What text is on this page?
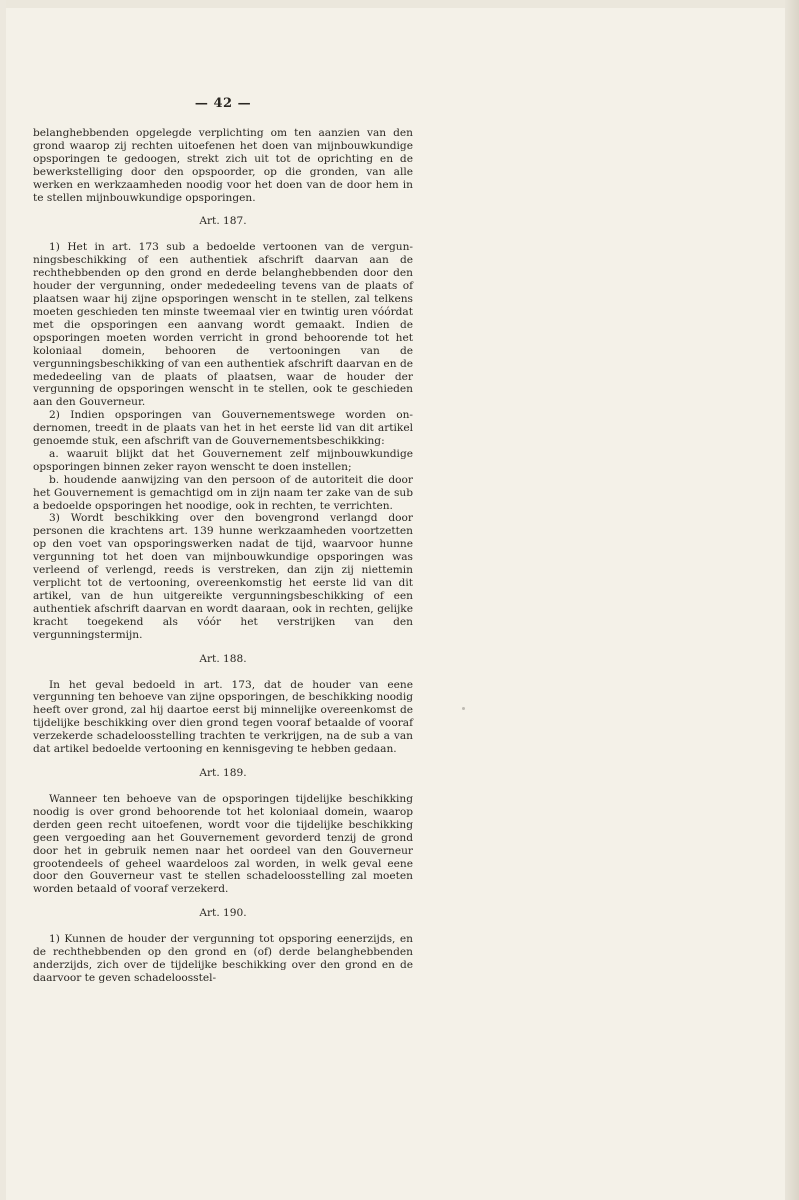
— 42 —

belanghebbenden opgelegde verplichting om ten aanzien van den grond waarop zij rechten uitoefenen het doen van mijnbouwkundige opsporingen te gedoogen, strekt zich uit tot de oprichting en de bewerkstelliging door den opspoorder, op die gronden, van alle werken en werkzaamheden noodig voor het doen van de door hem in te stellen mijnbouwkundige opsporingen.

Art. 187.

1) Het in art. 173 sub a bedoelde vertoonen van de vergunningsbeschikking of een authentiek afschrift daarvan aan de rechthebbenden op den grond en derde belanghebbenden door den houder der vergunning, onder mededeeling tevens van de plaats of plaatsen waar hij zijne opsporingen wenscht in te stellen, zal telkens moeten geschieden ten minste tweemaal vier en twintig uren vóórdat met die opsporingen een aanvang wordt gemaakt. Indien de opsporingen moeten worden verricht in grond behoorende tot het koloniaal domein, behooren de vertooningen van de vergunningsbeschikking of van een authentiek afschrift daarvan en de mededeeling van de plaats of plaatsen, waar de houder der vergunning de opsporingen wenscht in te stellen, ook te geschieden aan den Gouverneur.

2) Indien opsporingen van Gouvernementswege worden ondernomen, treedt in de plaats van het in het eerste lid van dit artikel genoemde stuk, een afschrift van de Gouvernementsbeschikking:

a. waaruit blijkt dat het Gouvernement zelf mijnbouwkundige opsporingen binnen zeker rayon wenscht te doen instellen;

b. houdende aanwijzing van den persoon of de autoriteit die door het Gouvernement is gemachtigd om in zijn naam ter zake van de sub a bedoelde opsporingen het noodige, ook in rechten, te verrichten.

3) Wordt beschikking over den bovengrond verlangd door personen die krachtens art. 139 hunne werkzaamheden voortzetten op den voet van opsporingswerken nadat de tijd, waarvoor hunne vergunning tot het doen van mijnbouwkundige opsporingen was verleend of verlengd, reeds is verstreken, dan zijn zij niettemin verplicht tot de vertooning, overeenkomstig het eerste lid van dit artikel, van de hun uitgereikte vergunningsbeschikking of een authentiek afschrift daarvan en wordt daaraan, ook in rechten, gelijke kracht toegekend als vóór het verstrijken van den vergunningstermijn.

Art. 188.

In het geval bedoeld in art. 173, dat de houder van eene vergunning ten behoeve van zijne opsporingen, de beschikking noodig heeft over grond, zal hij daartoe eerst bij minnelijke overeenkomst de tijdelijke beschikking over dien grond tegen vooraf betaalde of vooraf verzekerde schadeloosstelling trachten te verkrijgen, na de sub a van dat artikel bedoelde vertooning en kennisgeving te hebben gedaan.

Art. 189.

Wanneer ten behoeve van de opsporingen tijdelijke beschikking noodig is over grond behoorende tot het koloniaal domein, waarop derden geen recht uitoefenen, wordt voor die tijdelijke beschikking geen vergoeding aan het Gouvernement gevorderd tenzij de grond door het in gebruik nemen naar het oordeel van den Gouverneur grootendeels of geheel waardeloos zal worden, in welk geval eene door den Gouverneur vast te stellen schadeloosstelling zal moeten worden betaald of vooraf verzekerd.

Art. 190.

1) Kunnen de houder der vergunning tot opsporing eenerzijds, en de rechthebbenden op den grond en (of) derde belanghebbenden anderzijds, zich over de tijdelijke beschikking over den grond en de daarvoor te geven schadeloosstel-
